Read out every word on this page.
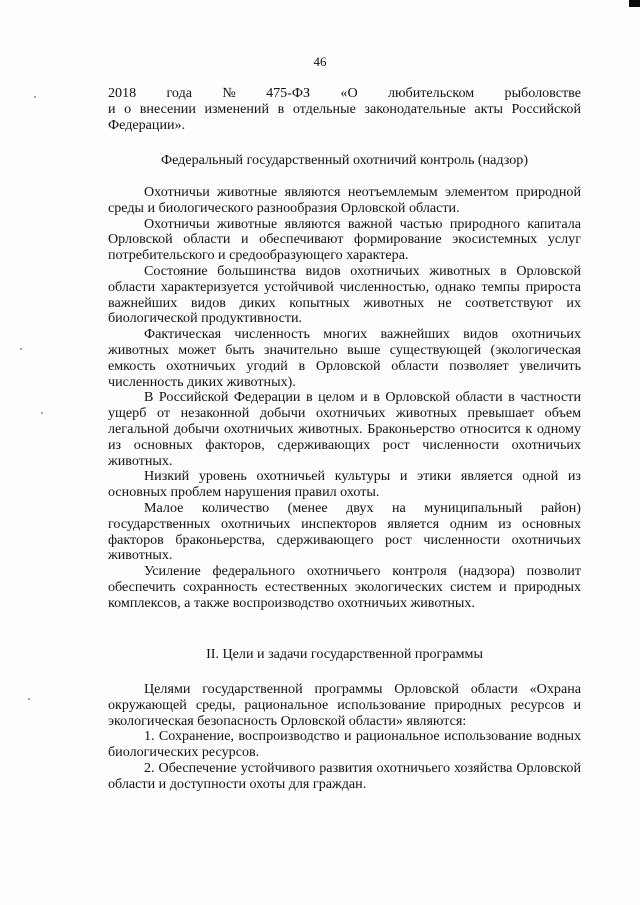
46

2018 года № 475-ФЗ «О любительском рыболовстве

и о внесении изменений в отдельные законодательные акты Российской

Федерации».

Федеральный государственный охотничий контроль (надзор)

Охотничьи животные являются неотъемлемым элементом природной среды и биологического разнообразия Орловской области.

Охотничьи животные являются важной частью природного капитала Орловской области и обеспечивают формирование экосистемных услуг потребительского и средообразующего характера.

Состояние большинства видов охотничьих животных в Орловской области характеризуется устойчивой численностью, однако темпы прироста важнейших видов диких копытных животных не соответствуют их биологической продуктивности.

Фактическая численность многих важнейших видов охотничьих животных может быть значительно выше существующей (экологическая емкость охотничьих угодий в Орловской области позволяет увеличить численность диких животных).

В Российской Федерации в целом и в Орловской области в частности ущерб от незаконной добычи охотничьих животных превышает объем легальной добычи охотничьих животных. Браконьерство относится к одному из основных факторов, сдерживающих рост численности охотничьих животных.

Низкий уровень охотничьей культуры и этики является одной из основных проблем нарушения правил охоты.

Малое количество (менее двух на муниципальный район) государственных охотничьих инспекторов является одним из основных факторов браконьерства, сдерживающего рост численности охотничьих животных.

Усиление федерального охотничьего контроля (надзора) позволит обеспечить сохранность естественных экологических систем и природных комплексов, а также воспроизводство охотничьих животных.

II. Цели и задачи государственной программы

Целями государственной программы Орловской области «Охрана окружающей среды, рациональное использование природных ресурсов и экологическая безопасность Орловской области» являются:

1. Сохранение, воспроизводство и рациональное использование водных биологических ресурсов.

2. Обеспечение устойчивого развития охотничьего хозяйства Орловской области и доступности охоты для граждан.
